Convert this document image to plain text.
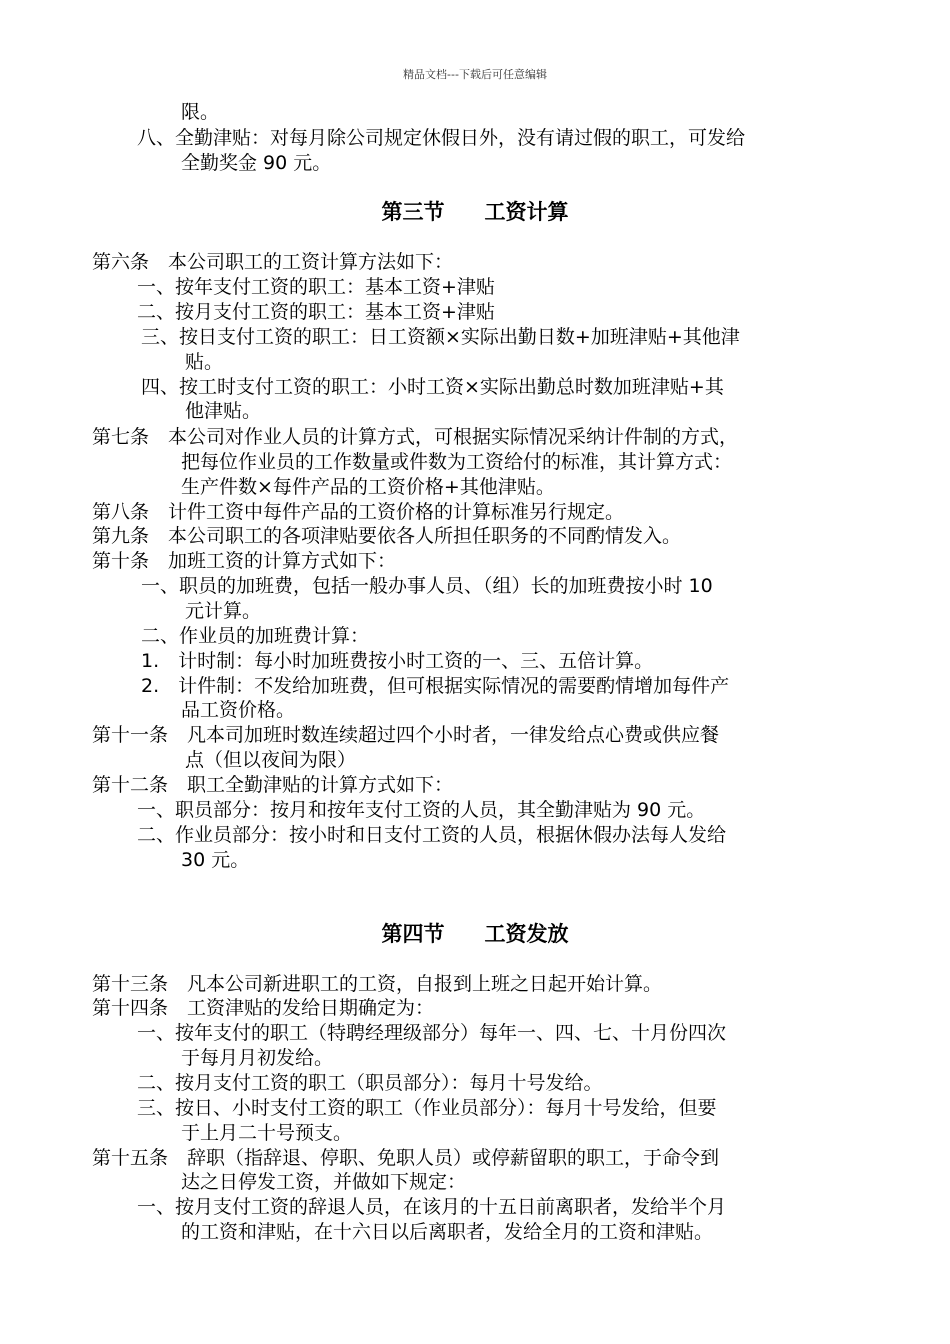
精品文档---下载后可任意编辑
限。
八、全勤津贴：对每月除公司规定休假日外，没有请过假的职工，可发给
全勤奖金 90 元。
第三节 工资计算
第六条　本公司职工的工资计算方法如下：
一、按年支付工资的职工：基本工资+津贴
二、按月支付工资的职工：基本工资+津贴
三、按日支付工资的职工：日工资额×实际出勤日数+加班津贴+其他津
贴。
四、按工时支付工资的职工：小时工资×实际出勤总时数加班津贴+其
他津贴。
第七条　本公司对作业人员的计算方式，可根据实际情况采纳计件制的方式，
把每位作业员的工作数量或件数为工资给付的标准，其计算方式：
生产件数×每件产品的工资价格+其他津贴。
第八条　计件工资中每件产品的工资价格的计算标准另行规定。
第九条　本公司职工的各项津贴要依各人所担任职务的不同酌情发入。
第十条　加班工资的计算方式如下：
一、职员的加班费，包括一般办事人员、（组）长的加班费按小时 10
元计算。
二、作业员的加班费计算：
1.　计时制：每小时加班费按小时工资的一、三、五倍计算。
2.　计件制：不发给加班费，但可根据实际情况的需要酌情增加每件产
品工资价格。
第十一条　凡本司加班时数连续超过四个小时者，一律发给点心费或供应餐
点（但以夜间为限）
第十二条　职工全勤津贴的计算方式如下：
一、职员部分：按月和按年支付工资的人员，其全勤津贴为 90 元。
二、作业员部分：按小时和日支付工资的人员，根据休假办法每人发给
30 元。
第四节 工资发放
第十三条　凡本公司新进职工的工资，自报到上班之日起开始计算。
第十四条　工资津贴的发给日期确定为：
一、按年支付的职工（特聘经理级部分）每年一、四、七、十月份四次
于每月月初发给。
二、按月支付工资的职工（职员部分）：每月十号发给。
三、按日、小时支付工资的职工（作业员部分）：每月十号发给，但要
于上月二十号预支。
第十五条　辞职（指辞退、停职、免职人员）或停薪留职的职工，于命令到
达之日停发工资，并做如下规定：
一、按月支付工资的辞退人员，在该月的十五日前离职者，发给半个月
的工资和津贴，在十六日以后离职者，发给全月的工资和津贴。
